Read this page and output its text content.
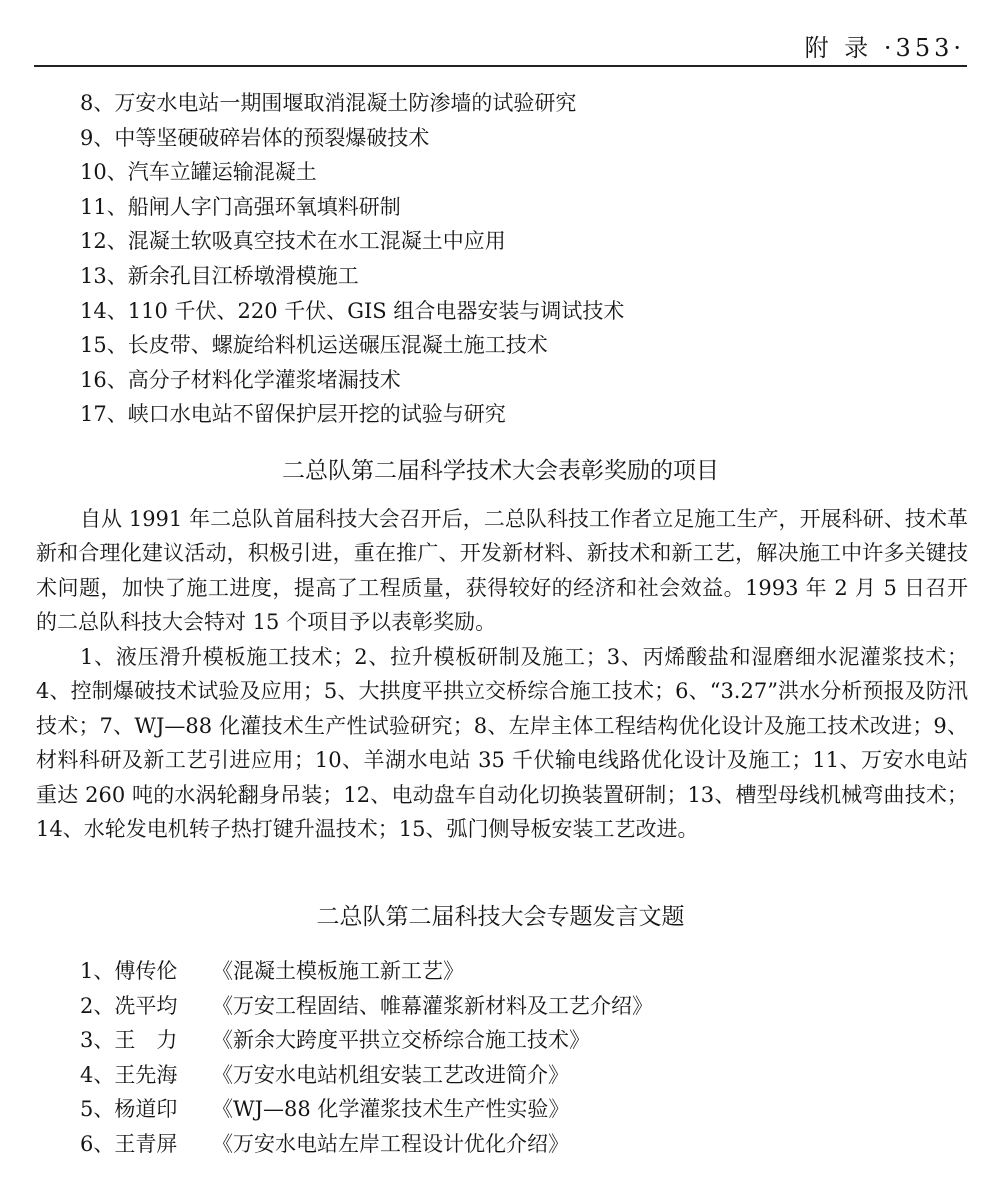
附 录 ·353·
8、万安水电站一期围堰取消混凝土防渗墙的试验研究
9、中等坚硬破碎岩体的预裂爆破技术
10、汽车立罐运输混凝土
11、船闸人字门高强环氧填料研制
12、混凝土软吸真空技术在水工混凝土中应用
13、新余孔目江桥墩滑模施工
14、110 千伏、220 千伏、GIS 组合电器安装与调试技术
15、长皮带、螺旋给料机运送碾压混凝土施工技术
16、高分子材料化学灌浆堵漏技术
17、峡口水电站不留保护层开挖的试验与研究
二总队第二届科学技术大会表彰奖励的项目

自从 1991 年二总队首届科技大会召开后，二总队科技工作者立足施工生产，开展科研、技术革新和合理化建议活动，积极引进，重在推广、开发新材料、新技术和新工艺，解决施工中许多关键技术问题，加快了施工进度，提高了工程质量，获得较好的经济和社会效益。1993 年 2 月 5 日召开的二总队科技大会特对 15 个项目予以表彰奖励。

1、液压滑升模板施工技术；2、拉升模板研制及施工；3、丙烯酸盐和湿磨细水泥灌浆技术；4、控制爆破技术试验及应用；5、大拱度平拱立交桥综合施工技术；6、“3.27”洪水分析预报及防汛技术；7、WJ—88 化灌技术生产性试验研究；8、左岸主体工程结构优化设计及施工技术改进；9、材料科研及新工艺引进应用；10、羊湖水电站 35 千伏输电线路优化设计及施工；11、万安水电站重达 260 吨的水涡轮翻身吊装；12、电动盘车自动化切换装置研制；13、槽型母线机械弯曲技术；14、水轮发电机转子热打键升温技术；15、弧门侧导板安装工艺改进。

二总队第二届科技大会专题发言文题
1、傅传伦	《混凝土模板施工新工艺》
2、冼平均	《万安工程固结、帷幕灌浆新材料及工艺介绍》
3、王　力	《新余大跨度平拱立交桥综合施工技术》
4、王先海	《万安水电站机组安装工艺改进简介》
5、杨道印	《WJ—88 化学灌浆技术生产性实验》
6、王青屏	《万安水电站左岸工程设计优化介绍》
